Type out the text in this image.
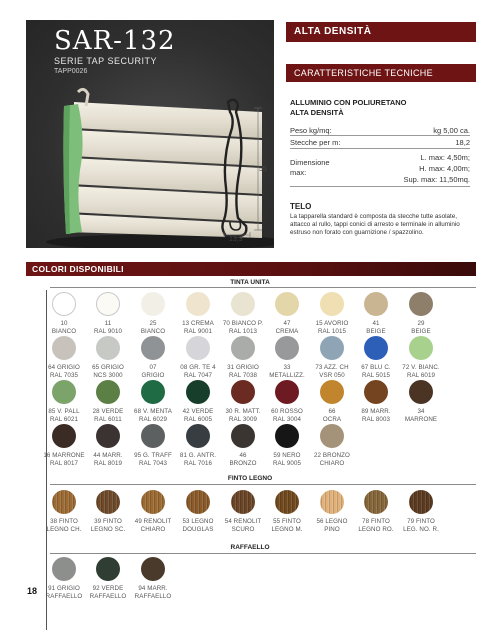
SAR-132
SERIE TAP SECURITY
TAPP0026
ALTA DENSITÀ
CARATTERISTICHE TECNICHE
55
13,3
ALLUMINIO CON POLIURETANO
ALTA DENSITÀ
Peso kg/mq:	kg 5,00 ca.
Stecche per m:	18,2
Dimensione
max:
L. max: 4,50m;
H. max: 4,00m;
Sup. max: 11,50mq.
TELO
La tapparella standard è composta da stecche tutte asolate, attacco al rullo, tappi conici di arresto e terminale in alluminio estruso non forato con guarnizione / spazzolino.
COLORI DISPONIBILI
TINTA UNITA
FINTO LEGNO
RAFFAELLO
10
BIANCO
11
RAL 9010
25
BIANCO
13 CREMA
RAL 9001
70 BIANCO P.
RAL 1013
47
CREMA
15 AVORIO
RAL 1015
41
BEIGE
29
BEIGE
64 GRIGIO
RAL 7035
65 GRIGIO
NCS 3000
07
GRIGIO
08 GR. TE 4
RAL 7047
31 GRIGIO
RAL 7038
33
METALLIZZ.
73 AZZ. CH
VSR 050
67 BLU C.
RAL 5015
72 V. BIANC.
RAL 6019
85 V. PALL
RAL 6021
28 VERDE
RAL 6011
68 V. MENTA
RAL 6029
42 VERDE
RAL 6005
30 R. MATT.
RAL 3009
60 ROSSO
RAL 3004
66
OCRA
89 MARR.
RAL 8003
34
MARRONE
16 MARRONE
RAL 8017
44 MARR.
RAL 8019
95 G. TRAFF
RAL 7043
81 G. ANTR.
RAL 7016
46
BRONZO
59 NERO
RAL 9005
22 BRONZO
CHIARO
38 FINTO
LEGNO CH.
39 FINTO
LEGNO SC.
49 RENOLIT
CHIARO
53 LEGNO
DOUGLAS
54 RENOLIT
SCURO
55 FINTO
LEGNO M.
56 LEGNO
PINO
78 FINTO
LEGNO RO.
79 FINTO
LEG. NO. R.
91 GRIGIO
RAFFAELLO
92 VERDE
RAFFAELLO
94 MARR.
RAFFAELLO
18
